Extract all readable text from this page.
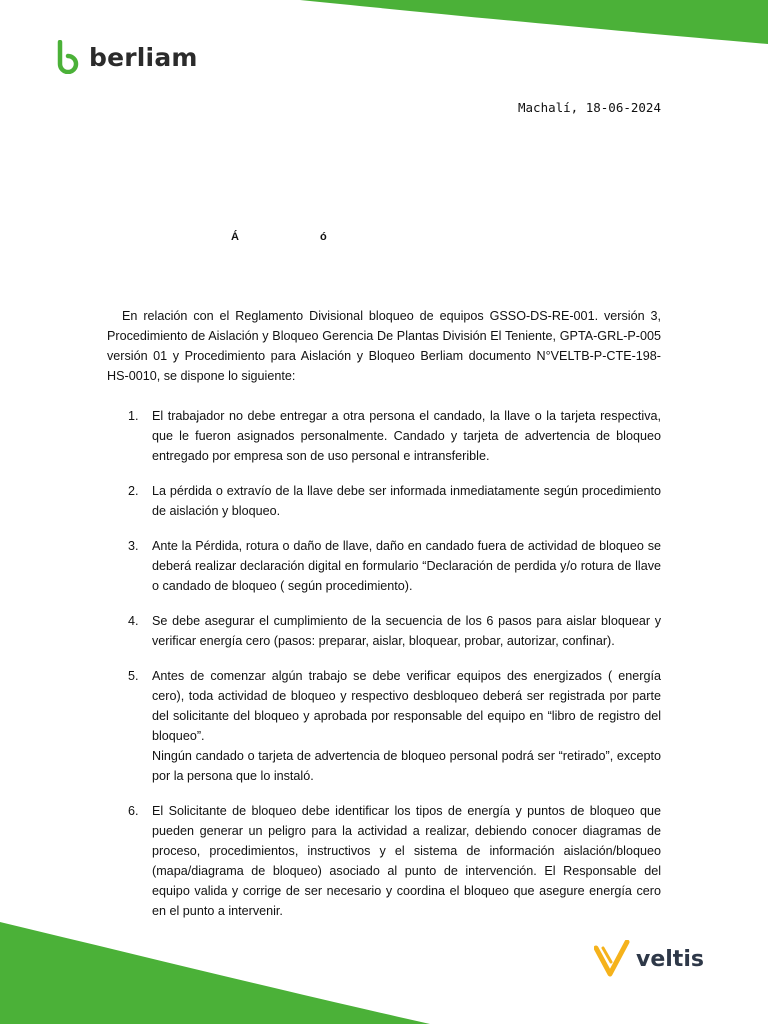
berliam
Machalí, 18-06-2024
Á	ó

En relación con el Reglamento Divisional bloqueo de equipos GSSO-DS-RE-001. versión 3, Procedimiento de Aislación y Bloqueo Gerencia De Plantas División El Teniente, GPTA-GRL-P-005 versión 01 y Procedimiento para Aislación y Bloqueo Berliam documento N°VELTB-P-CTE-198-HS-0010, se dispone lo siguiente:

1. El trabajador no debe entregar a otra persona el candado, la llave o la tarjeta respectiva, que le fueron asignados personalmente. Candado y tarjeta de advertencia de bloqueo entregado por empresa son de uso personal e intransferible.
2. La pérdida o extravío de la llave debe ser informada inmediatamente según procedimiento de aislación y bloqueo.
3. Ante la Pérdida, rotura o daño de llave, daño en candado fuera de actividad de bloqueo se deberá realizar declaración digital en formulario “Declaración de perdida y/o rotura de llave o candado de bloqueo ( según procedimiento).
4. Se debe asegurar el cumplimiento de la secuencia de los 6 pasos para aislar bloquear y verificar energía cero (pasos: preparar, aislar, bloquear, probar, autorizar, confinar).
5. Antes de comenzar algún trabajo se debe verificar equipos des energizados ( energía cero), toda actividad de bloqueo y respectivo desbloqueo deberá ser registrada por parte del solicitante del bloqueo y aprobada por responsable del equipo en “libro de registro del bloqueo”.
Ningún candado o tarjeta de advertencia de bloqueo personal podrá ser “retirado”, excepto por la persona que lo instaló.
6. El Solicitante de bloqueo debe identificar los tipos de energía y puntos de bloqueo que pueden generar un peligro para la actividad a realizar, debiendo conocer diagramas de proceso, procedimientos, instructivos y el sistema de información aislación/bloqueo (mapa/diagrama de bloqueo) asociado al punto de intervención. El Responsable del equipo valida y corrige de ser necesario y coordina el bloqueo que asegure energía cero en el punto a intervenir.
veltis
